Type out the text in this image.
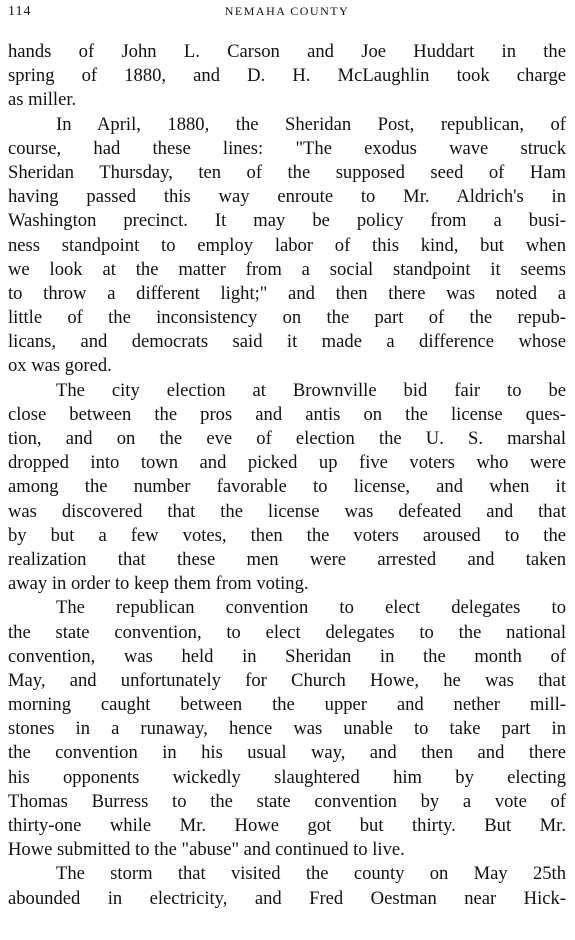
114	NEMAHA COUNTY
hands of John L. Carson and Joe Huddart in the
spring of 1880, and D. H. McLaughlin took charge
as miller.
In April, 1880, the Sheridan Post, republican, of
course, had these lines: "The exodus wave struck
Sheridan Thursday, ten of the supposed seed of Ham
having passed this way enroute to Mr. Aldrich's in
Washington precinct. It may be policy from a busi-
ness standpoint to employ labor of this kind, but when
we look at the matter from a social standpoint it seems
to throw a different light;" and then there was noted a
little of the inconsistency on the part of the repub-
licans, and democrats said it made a difference whose
ox was gored.
The city election at Brownville bid fair to be
close between the pros and antis on the license ques-
tion, and on the eve of election the U. S. marshal
dropped into town and picked up five voters who were
among the number favorable to license, and when it
was discovered that the license was defeated and that
by but a few votes, then the voters aroused to the
realization that these men were arrested and taken
away in order to keep them from voting.
The republican convention to elect delegates to
the state convention, to elect delegates to the national
convention, was held in Sheridan in the month of
May, and unfortunately for Church Howe, he was that
morning caught between the upper and nether mill-
stones in a runaway, hence was unable to take part in
the convention in his usual way, and then and there
his opponents wickedly slaughtered him by electing
Thomas Burress to the state convention by a vote of
thirty-one while Mr. Howe got but thirty. But Mr.
Howe submitted to the "abuse" and continued to live.
The storm that visited the county on May 25th
abounded in electricity, and Fred Oestman near Hick-
